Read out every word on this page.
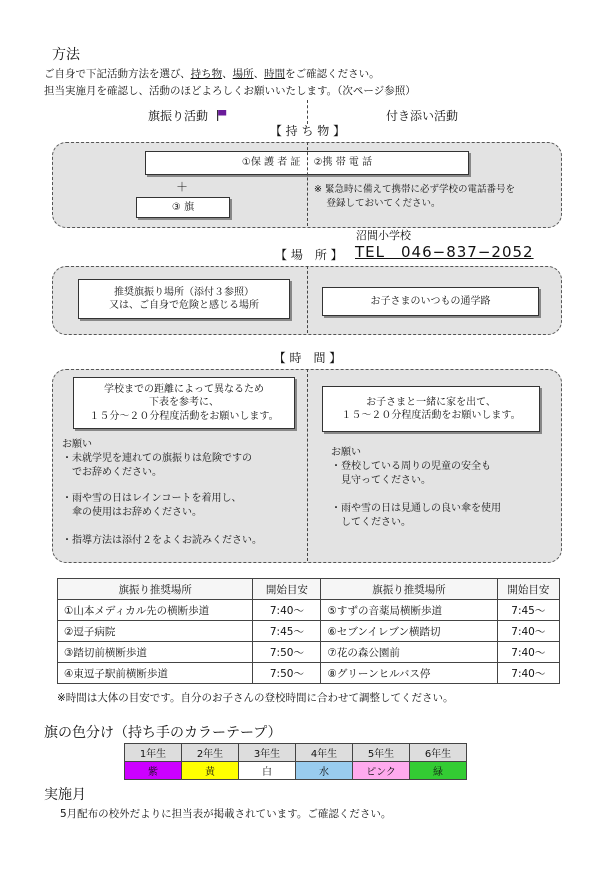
方法
ご自身で下記活動方法を選び、持ち物、場所、時間をご確認ください。
担当実施月を確認し、活動のほどよろしくお願いいたします。（次ページ参照）
旗振り活動	付き添い活動
【 持 ち 物 】
①保 護 者 証　 ②携 帯 電 話
＋
③ 旗
※ 緊急時に備えて携帯に必ず学校の電話番号を
　 登録しておいてください。
沼間小学校
【 場　所 】 TEL　046−837−2052
推奨旗振り場所（添付３参照）
又は、ご自身で危険と感じる場所	お子さまのいつもの通学路
【 時　間 】
学校までの距離によって異なるため
下表を参考に、
１５分〜２０分程度活動をお願いします。
お子さまと一緒に家を出て、
１５〜２０分程度活動をお願いします。
お願い
・未就学児を連れての旗振りは危険ですの
　でお辞めください。
・雨や雪の日はレインコートを着用し、
　傘の使用はお辞めください。
・指導方法は添付２をよくお読みください。
お願い
・登校している周りの児童の安全も
　見守ってください。
・雨や雪の日は見通しの良い傘を使用
　してください。
旗振り推奨場所	開始目安	旗振り推奨場所	開始目安
①山本メディカル先の横断歩道	7:40〜	⑤すずの音薬局横断歩道	7:45〜
②逗子病院	7:45〜	⑥セブンイレブン横踏切	7:40〜
③踏切前横断歩道	7:50〜	⑦花の森公園前	7:40〜
④東逗子駅前横断歩道	7:50〜	⑧グリーンヒルバス停	7:40〜
※時間は大体の目安です。自分のお子さんの登校時間に合わせて調整してください。
旗の色分け（持ち手のカラーテープ）
1年生	2年生	3年生	4年生	5年生	6年生
紫	黄	白	水	ピンク	緑
実施月
5月配布の校外だよりに担当表が掲載されています。ご確認ください。
